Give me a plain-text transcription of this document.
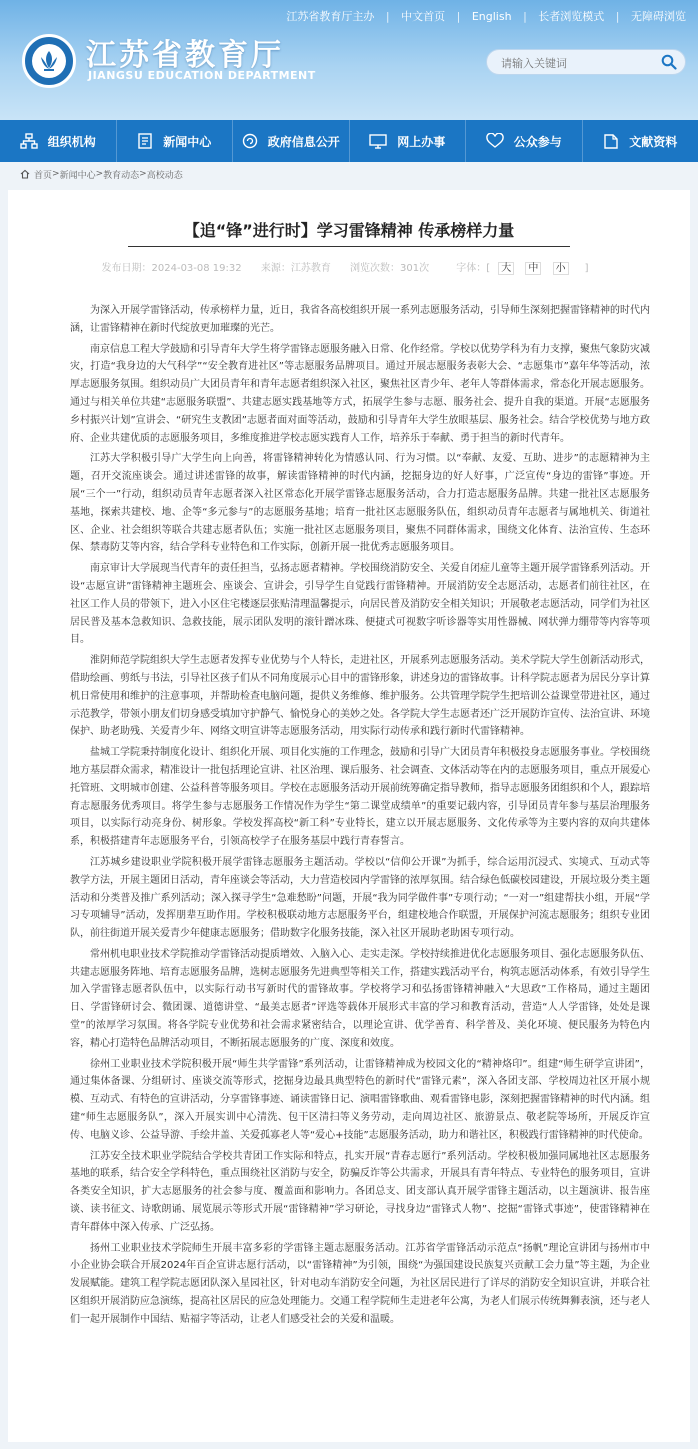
江苏省教育厅主办 | 中文首页 | English | 长者浏览模式 | 无障碍浏览
江苏省教育厅
JIANGSU EDUCATION DEPARTMENT
请输入关键词
组织机构	新闻中心	政府信息公开	网上办事	公众参与	文献资料
首页 > 新闻中心 > 教育动态 > 高校动态
【追“锋”进行时】学习雷锋精神 传承榜样力量
发布日期：2024-03-08 19:32 来源：江苏教育 浏览次数：301次	字体：[ 大 中 小 ]

为深入开展学雷锋活动，传承榜样力量，近日，我省各高校组织开展一系列志愿服务活动，引导师生深刻把握雷锋精神的时代内涵，让雷锋精神在新时代绽放更加璀璨的光芒。

南京信息工程大学鼓励和引导青年大学生将学雷锋志愿服务融入日常、化作经常。学校以优势学科为有力支撑，聚焦气象防灾减灾，打造“我身边的大气科学”“安全教育进社区”等志愿服务品牌项目。通过开展志愿服务表彰大会、“志愿集市”嘉年华等活动，浓厚志愿服务氛围。组织动员广大团员青年和青年志愿者组织深入社区，聚焦社区青少年、老年人等群体需求，常态化开展志愿服务。通过与相关单位共建“志愿服务联盟”、共建志愿实践基地等方式，拓展学生参与志愿、服务社会、提升自我的渠道。开展“志愿服务乡村振兴计划”宣讲会、“研究生支教团”志愿者面对面等活动，鼓励和引导青年大学生放眼基层、服务社会。结合学校优势与地方政府、企业共建优质的志愿服务项目，多维度推进学校志愿实践育人工作，培养乐于奉献、勇于担当的新时代青年。

江苏大学积极引导广大学生向上向善，将雷锋精神转化为情感认同、行为习惯。以“奉献、友爱、互助、进步”的志愿精神为主题，召开交流座谈会。通过讲述雷锋的故事，解读雷锋精神的时代内涵，挖掘身边的好人好事，广泛宣传“身边的雷锋”事迹。开展“三个一”行动，组织动员青年志愿者深入社区常态化开展学雷锋志愿服务活动，合力打造志愿服务品牌。共建一批社区志愿服务基地，探索共建校、地、企等“多元参与”的志愿服务基地；培育一批社区志愿服务队伍，组织动员青年志愿者与属地机关、街道社区、企业、社会组织等联合共建志愿者队伍；实施一批社区志愿服务项目，聚焦不同群体需求，围绕文化体育、法治宣传、生态环保、禁毒防艾等内容，结合学科专业特色和工作实际，创新开展一批优秀志愿服务项目。

南京审计大学展现当代青年的责任担当，弘扬志愿者精神。学校围绕消防安全、关爱自闭症儿童等主题开展学雷锋系列活动。开设“志愿宣讲”雷锋精神主题班会、座谈会、宣讲会，引导学生自觉践行雷锋精神。开展消防安全志愿活动，志愿者们前往社区，在社区工作人员的带领下，进入小区住宅楼逐层张贴清理温馨提示，向居民普及消防安全相关知识；开展敬老志愿活动，同学们为社区居民普及基本急救知识、急救技能，展示团队发明的滚针蹭冰珠、便捷式可视数字听诊器等实用性器械、网状弹力绷带等内容等项目。

淮阴师范学院组织大学生志愿者发挥专业优势与个人特长，走进社区，开展系列志愿服务活动。美术学院大学生创新活动形式，借助绘画、剪纸与书法，引导社区孩子们从不同角度展示心目中的雷锋形象，讲述身边的雷锋故事。计科学院志愿者为居民分享计算机日常使用和维护的注意事项，并帮助检查电脑问题，提供义务维修、维护服务。公共管理学院学生把培训公益课堂带进社区，通过示范教学，带领小朋友们切身感受填加守护静气、愉悦身心的美妙之处。各学院大学生志愿者还广泛开展防诈宣传、法治宣讲、环境保护、助老助残、关爱青少年、网络文明宣讲等志愿服务活动，用实际行动传承和践行新时代雷锋精神。

盐城工学院秉持制度化设计、组织化开展、项目化实施的工作理念，鼓励和引导广大团员青年积极投身志愿服务事业。学校围绕地方基层群众需求，精准设计一批包括理论宣讲、社区治理、课后服务、社会调查、文体活动等在内的志愿服务项目，重点开展爱心托管班、文明城市创建、公益科普等服务项目。学校在志愿服务活动开展前统筹确定指导教师，指导志愿服务团组织和个人，跟踪培育志愿服务优秀项目。将学生参与志愿服务工作情况作为学生“第二课堂成绩单”的重要记载内容，引导团员青年参与基层治理服务项目，以实际行动亮身份、树形象。学校发挥高校“新工科”专业特长，建立以开展志愿服务、文化传承等为主要内容的双向共建体系，积极搭建青年志愿服务平台，引领高校学子在服务基层中践行青春誓言。

江苏城乡建设职业学院积极开展学雷锋志愿服务主题活动。学校以“信仰公开课”为抓手，综合运用沉浸式、实境式、互动式等教学方法，开展主题团日活动，青年座谈会等活动，大力营造校园内学雷锋的浓厚氛围。结合绿色低碳校园建设，开展垃圾分类主题活动和分类普及推广系列活动；深入探寻学生“急难愁盼”问题，开展“我为同学做件事”专项行动；“一对一”组建帮扶小组，开展“学习专项辅导”活动，发挥朋辈互助作用。学校积极联动地方志愿服务平台，组建校地合作联盟，开展保护河流志愿服务；组织专业团队，前往街道开展关爱青少年健康志愿服务；借助数字化服务技能，深入社区开展助老助困专项行动。

常州机电职业技术学院推动学雷锋活动提质增效、入脑入心、走实走深。学校持续推进优化志愿服务项目、强化志愿服务队伍、共建志愿服务阵地、培育志愿服务品牌，选树志愿服务先进典型等相关工作，搭建实践活动平台，构筑志愿活动体系，有效引导学生加入学雷锋志愿者队伍中，以实际行动书写新时代的雷锋故事。学校将学习和弘扬雷锋精神融入“大思政”工作格局，通过主题团日、学雷锋研讨会、微团课、道德讲堂、“最美志愿者”评选等载体开展形式丰富的学习和教育活动，营造“人人学雷锋，处处是课堂”的浓厚学习氛围。将各学院专业优势和社会需求紧密结合，以理论宣讲、优学善育、科学普及、美化环境、便民服务为特色内容，精心打造特色品牌活动项目，不断拓展志愿服务的广度、深度和效度。

徐州工业职业技术学院积极开展“师生共学雷锋”系列活动，让雷锋精神成为校园文化的“精神烙印”。组建“师生研学宣讲团”，通过集体备课、分组研讨、座谈交流等形式，挖掘身边最具典型特色的新时代“雷锋元素”，深入各团支部、学校周边社区开展小规模、互动式、有特色的宣讲活动，分享雷锋事迹、诵读雷锋日记、演唱雷锋歌曲、观看雷锋电影，深刻把握雷锋精神的时代内涵。组建“师生志愿服务队”，深入开展实训中心清洗、包干区清扫等义务劳动，走向周边社区、旅游景点、敬老院等场所，开展反诈宣传、电脑义诊、公益导游、手绘井盖、关爱孤寡老人等“爱心+技能”志愿服务活动，助力和谐社区，积极践行雷锋精神的时代使命。

江苏安全技术职业学院结合学校共青团工作实际和特点，扎实开展“青春志愿行”系列活动。学校积极加强同属地社区志愿服务基地的联系，结合安全学科特色，重点围绕社区消防与安全，防骗反诈等公共需求，开展具有青年特点、专业特色的服务项目，宣讲各类安全知识，扩大志愿服务的社会参与度、覆盖面和影响力。各团总支、团支部认真开展学雷锋主题活动，以主题演讲、报告座谈、读书征文、诗歌朗诵、展览展示等形式开展“雷锋精神”学习研论，寻找身边“雷锋式人物”、挖掘“雷锋式事迹”，使雷锋精神在青年群体中深入传承、广泛弘扬。

扬州工业职业技术学院师生开展丰富多彩的学雷锋主题志愿服务活动。江苏省学雷锋活动示范点“扬帆”理论宣讲团与扬州市中小企业协会联合开展2024年百企宣讲志愿行活动，以“雷锋精神”为引领，围绕“为强国建设民族复兴贡献工会力量”等主题，为企业发展赋能。建筑工程学院志愿团队深入星园社区，针对电动车消防安全问题，为社区居民进行了详尽的消防安全知识宣讲，并联合社区组织开展消防应急演练，提高社区居民的应急处理能力。交通工程学院师生走进老年公寓，为老人们展示传统舞狮表演，还与老人们一起开展制作中国结、贴福字等活动，让老人们感受社会的关爱和温暖。
